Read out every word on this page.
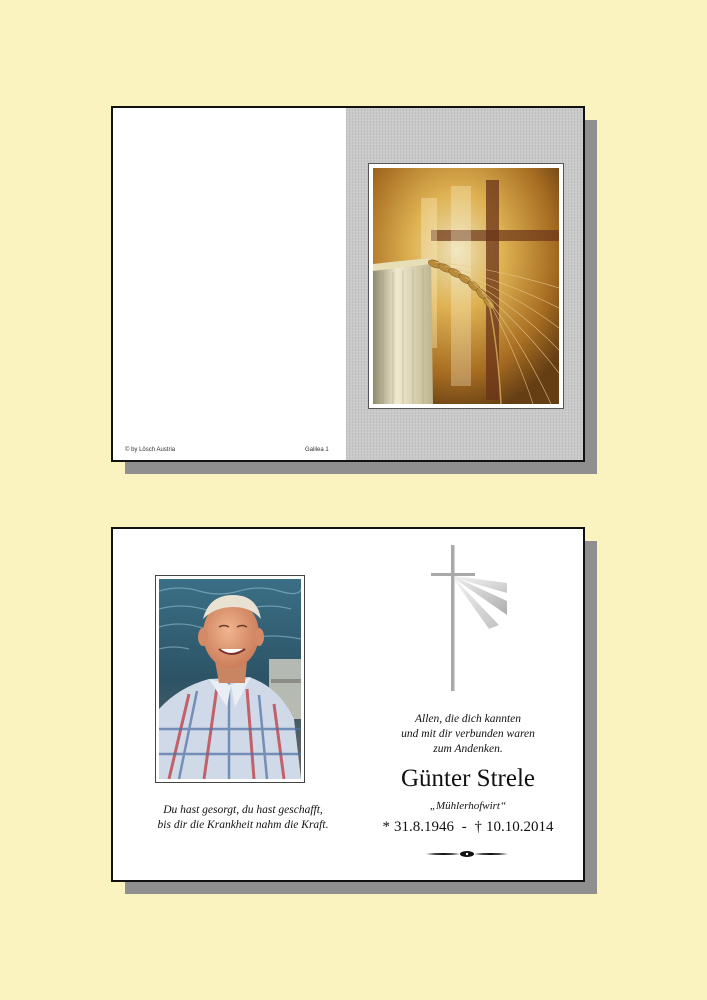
© by Lösch Austria	Galilea 1
Du hast gesorgt, du hast geschafft,
bis dir die Krankheit nahm die Kraft.
Allen, die dich kannten
und mit dir verbunden waren
zum Andenken.
Günter Strele
„Mühlerhofwirt“
* 31.8.1946 - † 10.10.2014
